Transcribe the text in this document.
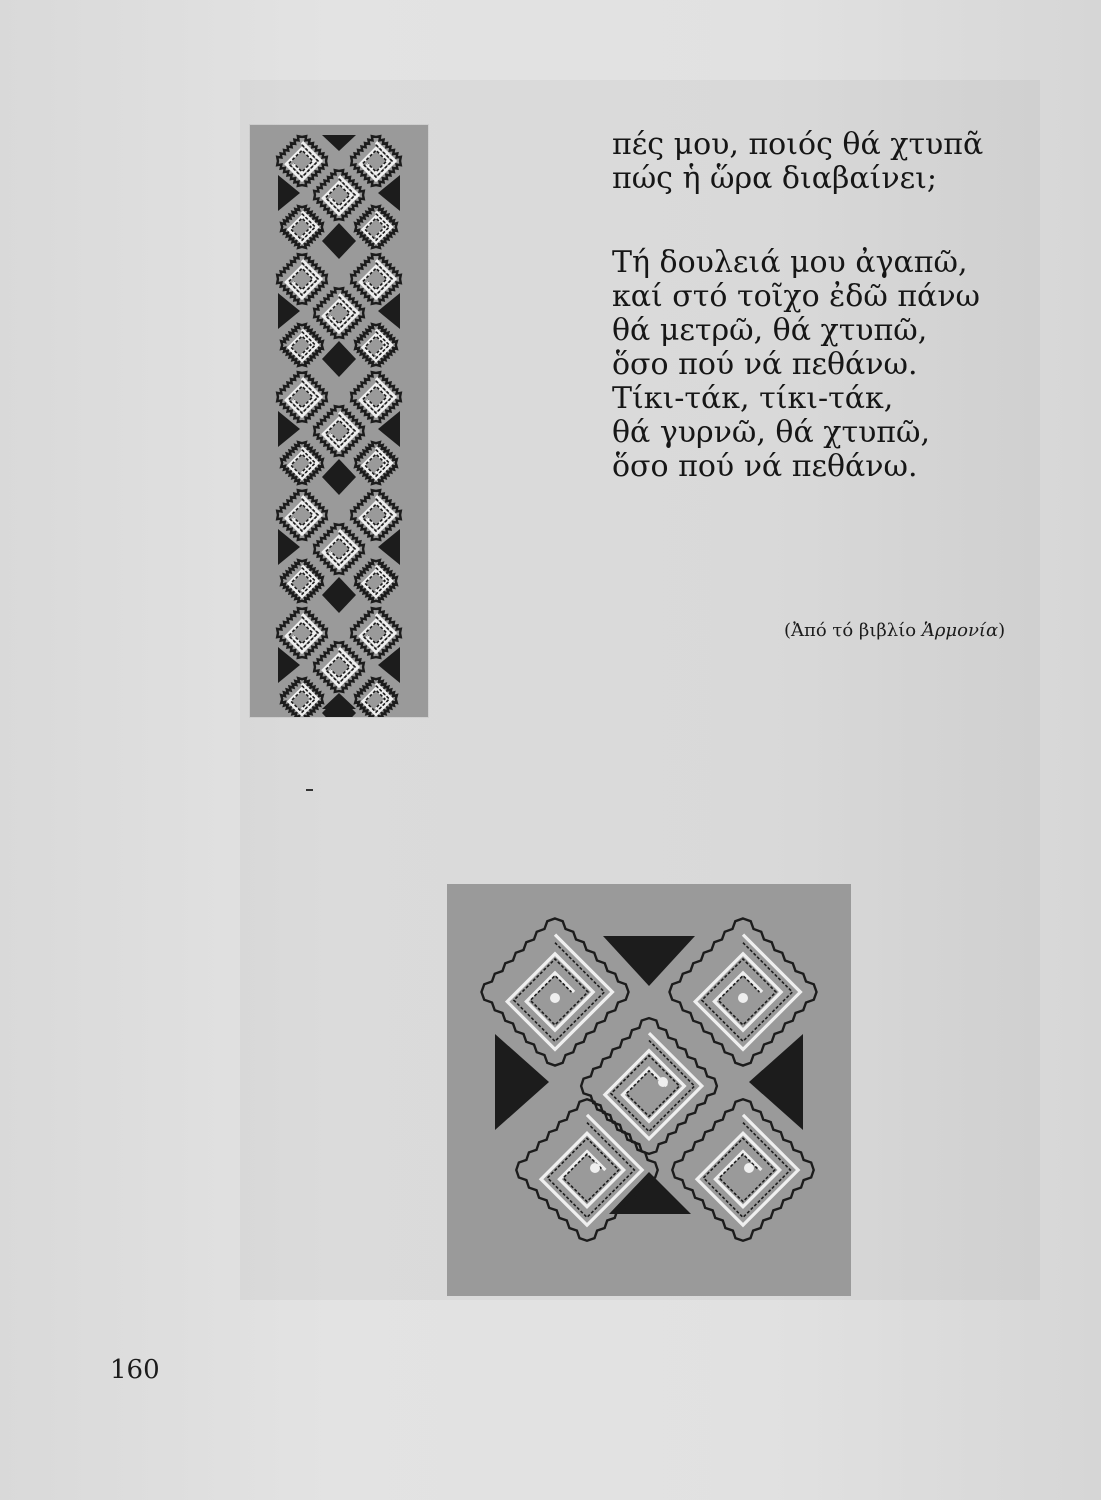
πές μου, ποιός θά χτυπᾶ
πώς ἡ ὥρα διαβαίνει;
Τή δουλειά μου ἀγαπῶ,
καί στό τοῖχο ἐδῶ πάνω
θά μετρῶ, θά χτυπῶ,
ὅσο πού νά πεθάνω.
Τίκι-τάκ, τίκι-τάκ,
θά γυρνῶ, θά χτυπῶ,
ὅσο πού νά πεθάνω.
(Ἀπό τό βιβλίο Ἁρμονία)
160
